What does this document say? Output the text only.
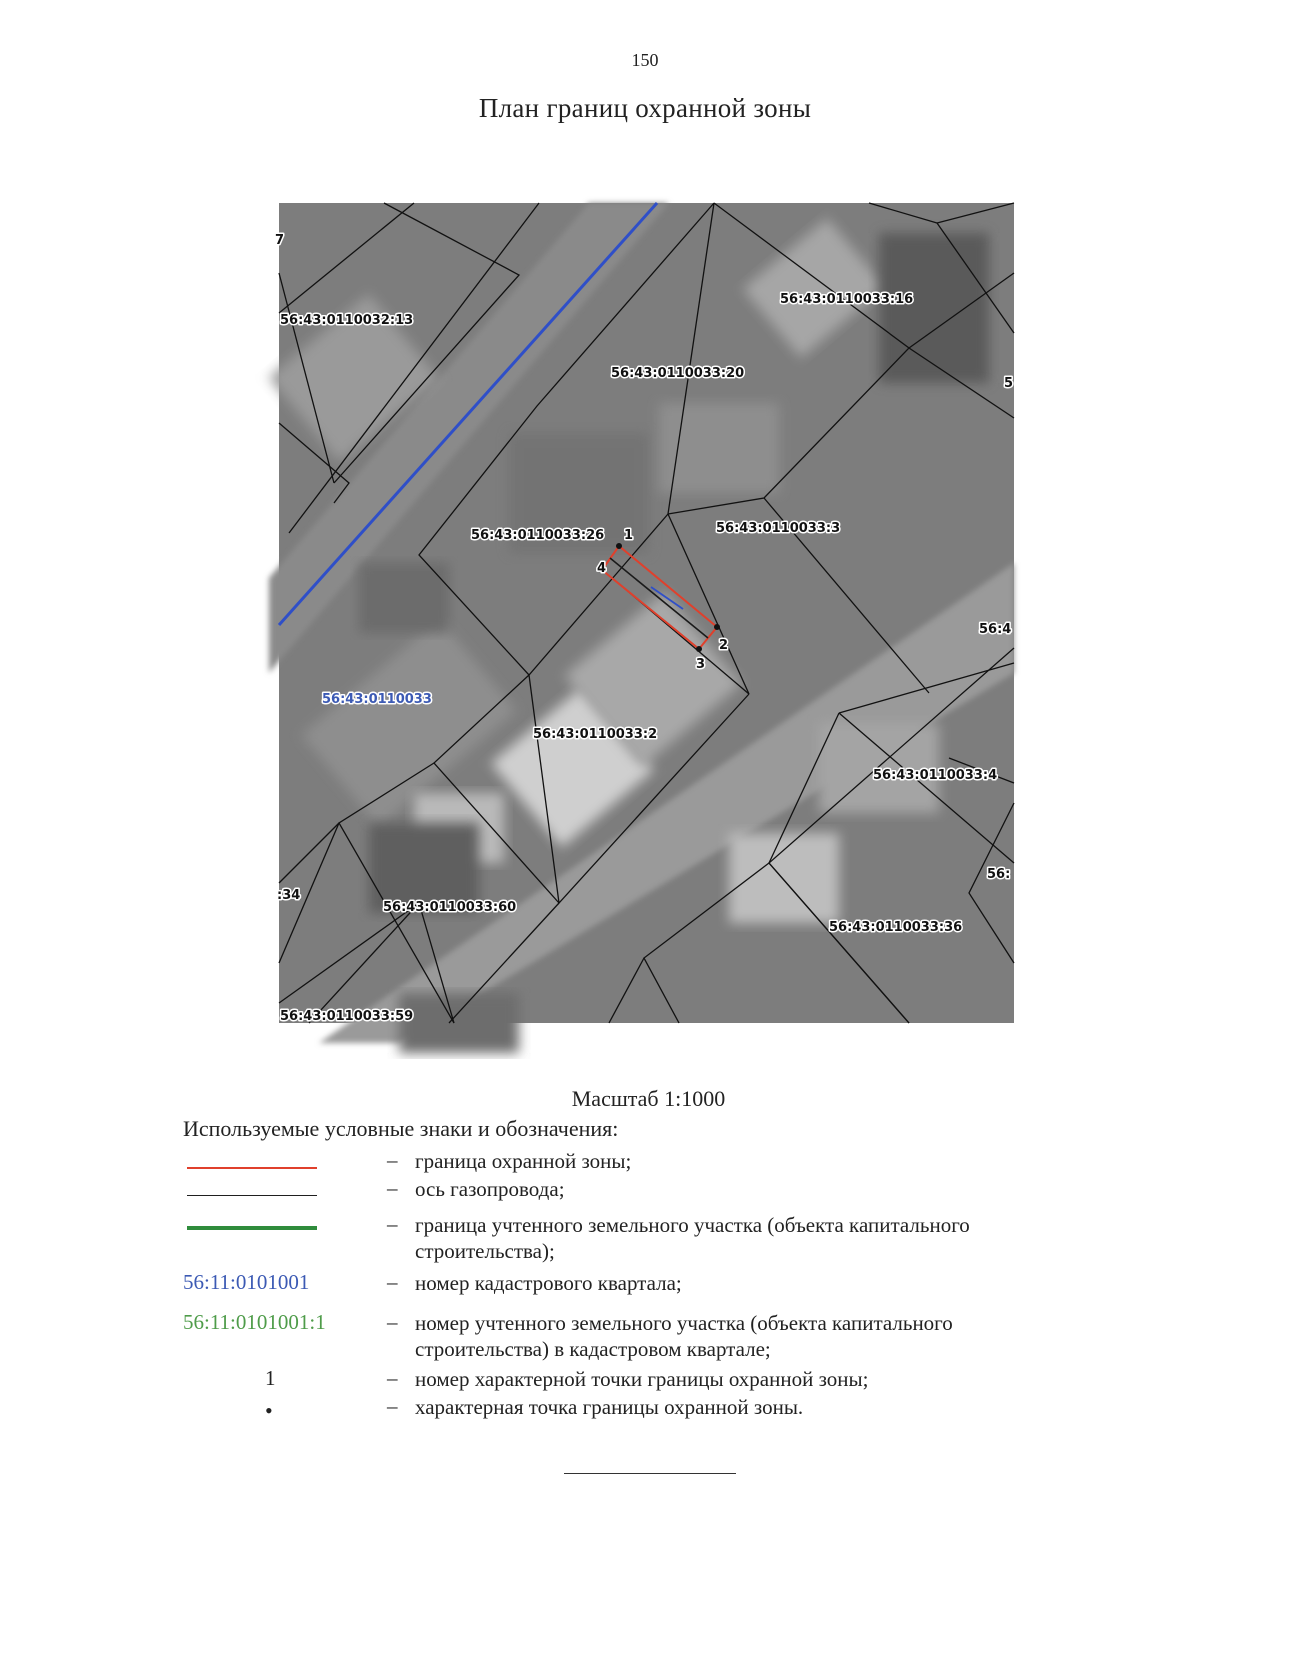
150
План границ охранной зоны
56:43:0110032:13
56:43:0110033:16
56:43:0110033:20
56:43:0110033:26	56:43:0110033:3
56:43:0110033:2
56:43:0110033:4
56:43:0110033:60
56:43:0110033:36
56:43:0110033:59
:34
7
56:4
56:
5
56:43:0110033
1
2
3
4
Масштаб 1:1000
Используемые условные знаки и обозначения:
– граница охранной зоны;
– ось газопровода;
– граница учтенного земельного участка (объекта капитального строительства);
56:11:0101001	– номер кадастрового квартала;
56:11:0101001:1	– номер учтенного земельного участка (объекта капитального строительства) в кадастровом квартале;
1	– номер характерной точки границы охранной зоны;
•	– характерная точка границы охранной зоны.
